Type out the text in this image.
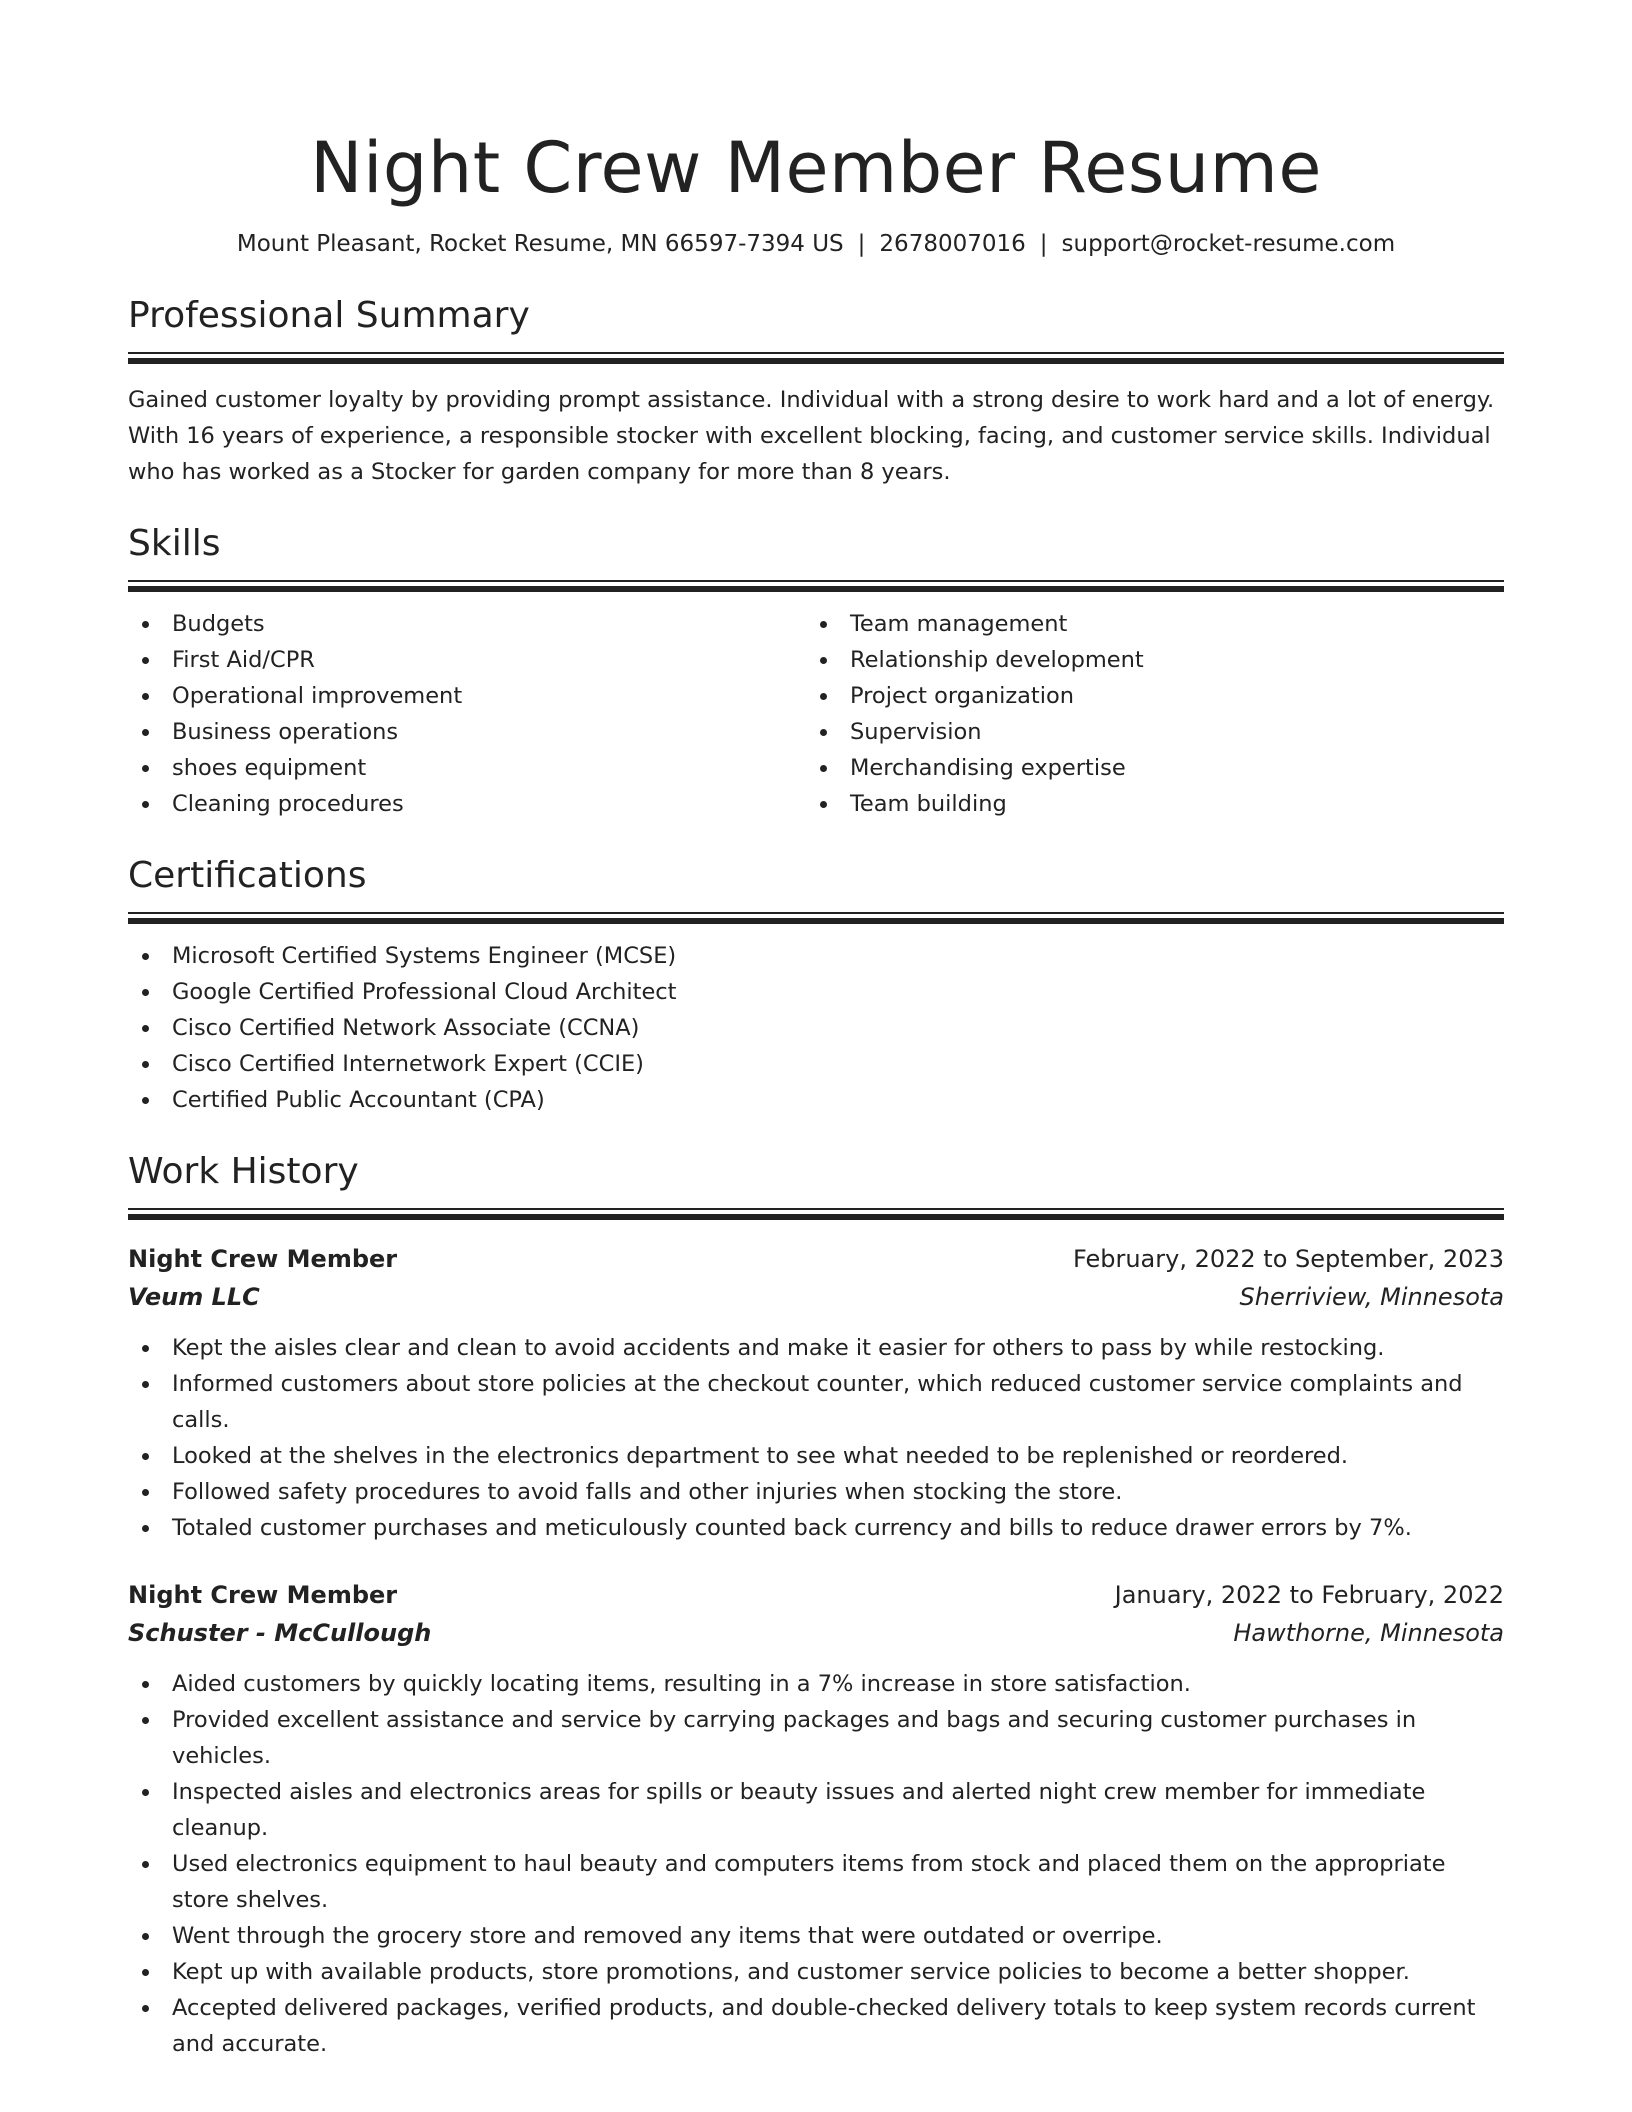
Night Crew Member Resume
Mount Pleasant, Rocket Resume, MN 66597-7394 US | 2678007016 | support@rocket-resume.com
Professional Summary

Gained customer loyalty by providing prompt assistance. Individual with a strong desire to work hard and a lot of energy. With 16 years of experience, a responsible stocker with excellent blocking, facing, and customer service skills. Individual who has worked as a Stocker for garden company for more than 8 years.

Skills
Budgets
First Aid/CPR
Operational improvement
Business operations
shoes equipment
Cleaning procedures
Team management
Relationship development
Project organization
Supervision
Merchandising expertise
Team building
Certifications
Microsoft Certified Systems Engineer (MCSE)
Google Certified Professional Cloud Architect
Cisco Certified Network Associate (CCNA)
Cisco Certified Internetwork Expert (CCIE)
Certified Public Accountant (CPA)
Work History
Night Crew Member	February, 2022 to September, 2023
Veum LLC	Sherriview, Minnesota
Kept the aisles clear and clean to avoid accidents and make it easier for others to pass by while restocking.
Informed customers about store policies at the checkout counter, which reduced customer service complaints and calls.
Looked at the shelves in the electronics department to see what needed to be replenished or reordered.
Followed safety procedures to avoid falls and other injuries when stocking the store.
Totaled customer purchases and meticulously counted back currency and bills to reduce drawer errors by 7%.
Night Crew Member	January, 2022 to February, 2022
Schuster - McCullough	Hawthorne, Minnesota
Aided customers by quickly locating items, resulting in a 7% increase in store satisfaction.
Provided excellent assistance and service by carrying packages and bags and securing customer purchases in vehicles.
Inspected aisles and electronics areas for spills or beauty issues and alerted night crew member for immediate cleanup.
Used electronics equipment to haul beauty and computers items from stock and placed them on the appropriate store shelves.
Went through the grocery store and removed any items that were outdated or overripe.
Kept up with available products, store promotions, and customer service policies to become a better shopper.
Accepted delivered packages, verified products, and double-checked delivery totals to keep system records current and accurate.
